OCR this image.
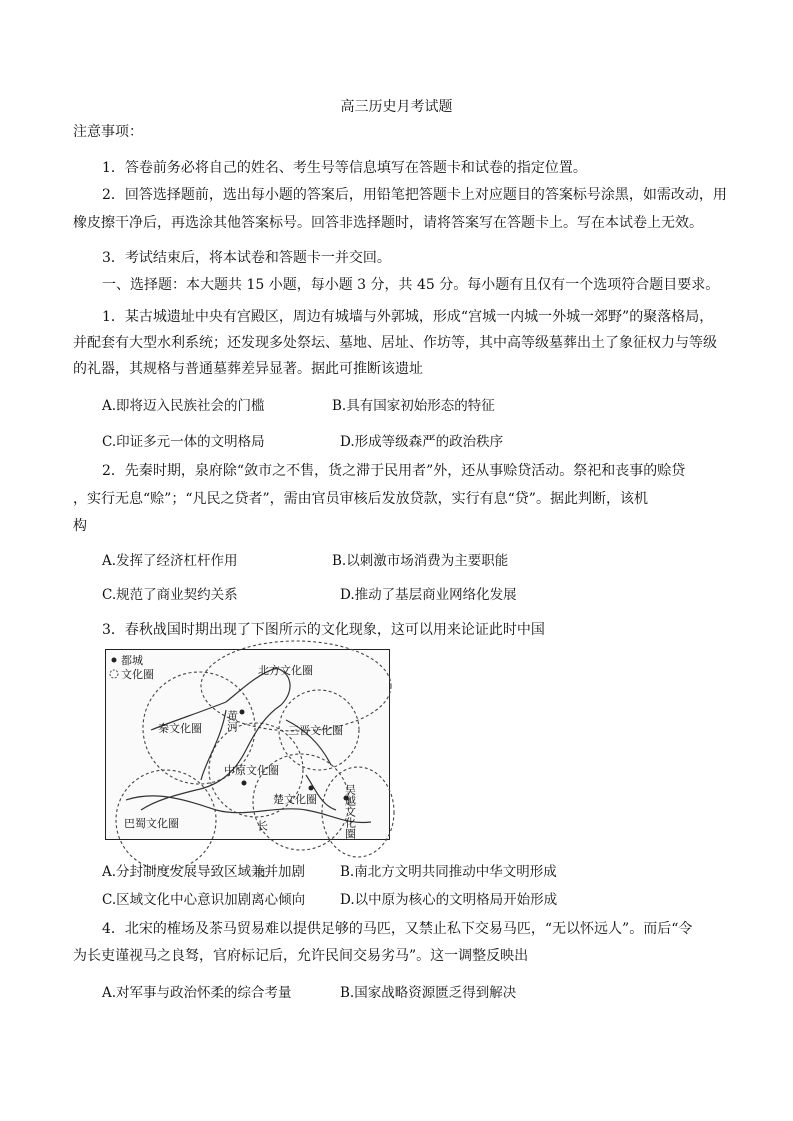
高三历史月考试题
注意事项：
1．答卷前务必将自己的姓名、考生号等信息填写在答题卡和试卷的指定位置。
2．回答选择题前，选出每小题的答案后，用铅笔把答题卡上对应题目的答案标号涂黑，如需改动，用
橡皮擦干净后，再选涂其他答案标号。回答非选择题时，请将答案写在答题卡上。写在本试卷上无效。
3．考试结束后，将本试卷和答题卡一并交回。
一、选择题：本大题共 15 小题，每小题 3 分，共 45 分。每小题有且仅有一个选项符合题目要求。
1．某古城遗址中央有宫殿区，周边有城墙与外郭城，形成“宫城一内城一外城一郊野”的聚落格局，
并配套有大型水利系统；还发现多处祭坛、墓地、居址、作坊等，其中高等级墓葬出土了象征权力与等级
的礼器，其规格与普通墓葬差异显著。据此可推断该遗址
A.即将迈入民族社会的门槛	B.具有国家初始形态的特征
C.印证多元一体的文明格局	D.形成等级森严的政治秩序
2．先秦时期，泉府除“敛市之不售，货之滞于民用者”外，还从事赊贷活动。祭祀和丧事的赊贷
，实行无息“赊”；“凡民之贷者”，需由官员审核后发放贷款，实行有息“贷”。据此判断，该机
构
A.发挥了经济杠杆作用	B.以刺激市场消费为主要职能
C.规范了商业契约关系	D.推动了基层商业网络化发展
3．春秋战国时期出现了下图所示的文化现象，这可以用来论证此时中国
都城
文化圈	北方文化圈
秦文化圈	三晋文化圈
中原文化圈
楚文化圈
巴蜀文化圈	吴越文化圈
黄河
长江
A.分封制度发展导致区域兼并加剧	B.南北方文明共同推动中华文明形成
C.区域文化中心意识加剧离心倾向	D.以中原为核心的文明格局开始形成
4．北宋的榷场及茶马贸易难以提供足够的马匹，又禁止私下交易马匹，“无以怀远人”。而后“令
为长吏谨视马之良驽，官府标记后，允许民间交易劣马”。这一调整反映出
A.对军事与政治怀柔的综合考量	B.国家战略资源匮乏得到解决
